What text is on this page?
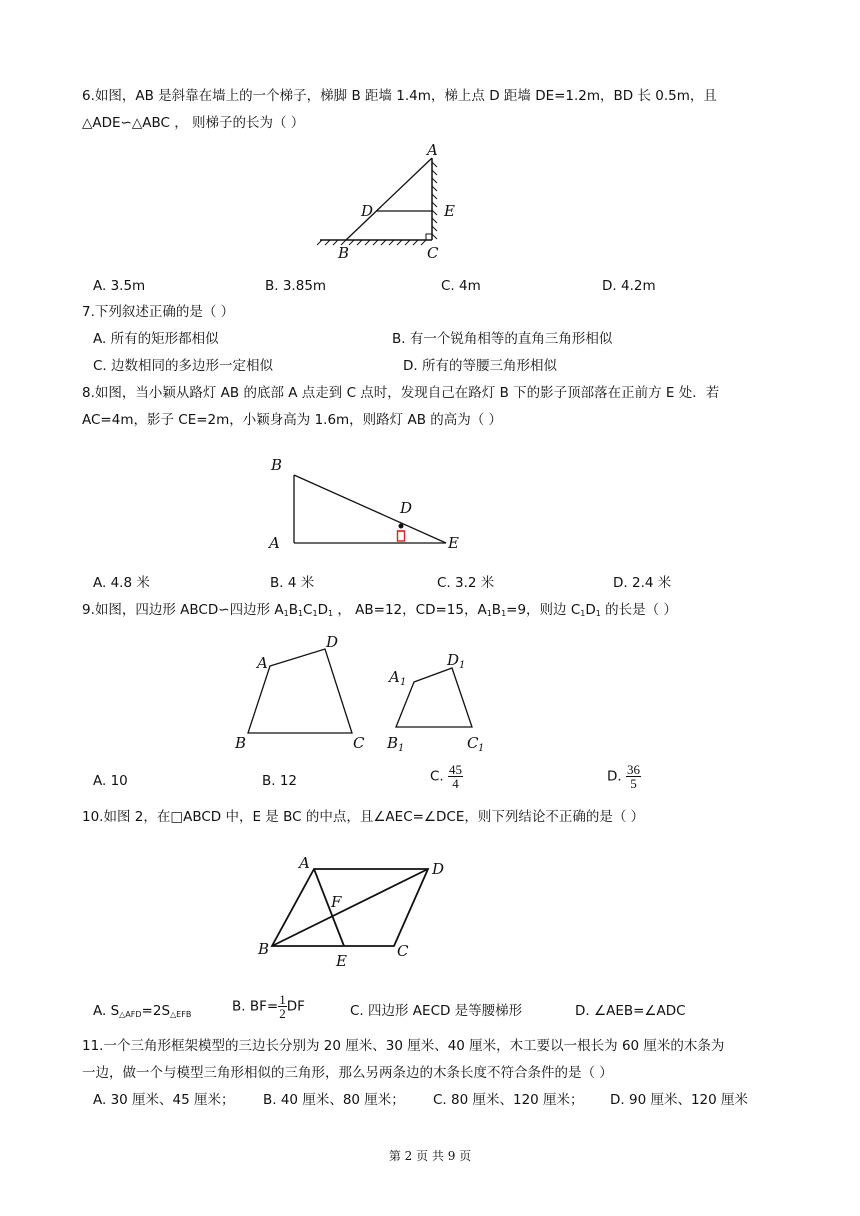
6.如图，AB 是斜靠在墙上的一个梯子，梯脚 B 距墙 1.4m，梯上点 D 距墙 DE=1.2m，BD 长 0.5m，且
△ADE∽△ABC ， 则梯子的长为（ ）
A
B	C
D	E
A. 3.5m	B. 3.85m	C. 4m	D. 4.2m
7.下列叙述正确的是（ ）
A. 所有的矩形都相似	B. 有一个锐角相等的直角三角形相似
C. 边数相同的多边形一定相似	D. 所有的等腰三角形相似
8.如图，当小颖从路灯 AB 的底部 A 点走到 C 点时，发现自己在路灯 B 下的影子顶部落在正前方 E 处．若
AC=4m，影子 CE=2m，小颖身高为 1.6m，则路灯 AB 的高为（ ）
B
A
D
E
A. 4.8 米	B. 4 米	C. 3.2 米	D. 2.4 米
9.如图，四边形 ABCD∽四边形 $A_1B_1C_1D_1$ ， AB=12，CD=15，$A_1B_1=9$，则边 $C_1D_1$ 的长是（ ）
A
D
B	C
A 1
D 1
B 1	C 1
A. 10	B. 12	C. $\frac{45}{4}$	D. $\frac{36}{5}$
10.如图 2，在□ABCD 中，E 是 BC 的中点，且∠AEC=∠DCE，则下列结论不正确的是（ ）
A	D
B	C
E
F
A. $S_{\triangle AFD}=2S_{\triangle EFB}$	B. $BF= \frac{1}{2}$ DF	C. 四边形 AECD 是等腰梯形	D. ∠AEB=∠ADC
11.一个三角形框架模型的三边长分别为 20 厘米、30 厘米、40 厘米，木工要以一根长为 60 厘米的木条为
一边，做一个与模型三角形相似的三角形，那么另两条边的木条长度不符合条件的是（ ）
A. 30 厘米、45 厘米； B. 40 厘米、80 厘米； C. 80 厘米、120 厘米； D. 90 厘米、120 厘米
第 2 页 共 9 页
